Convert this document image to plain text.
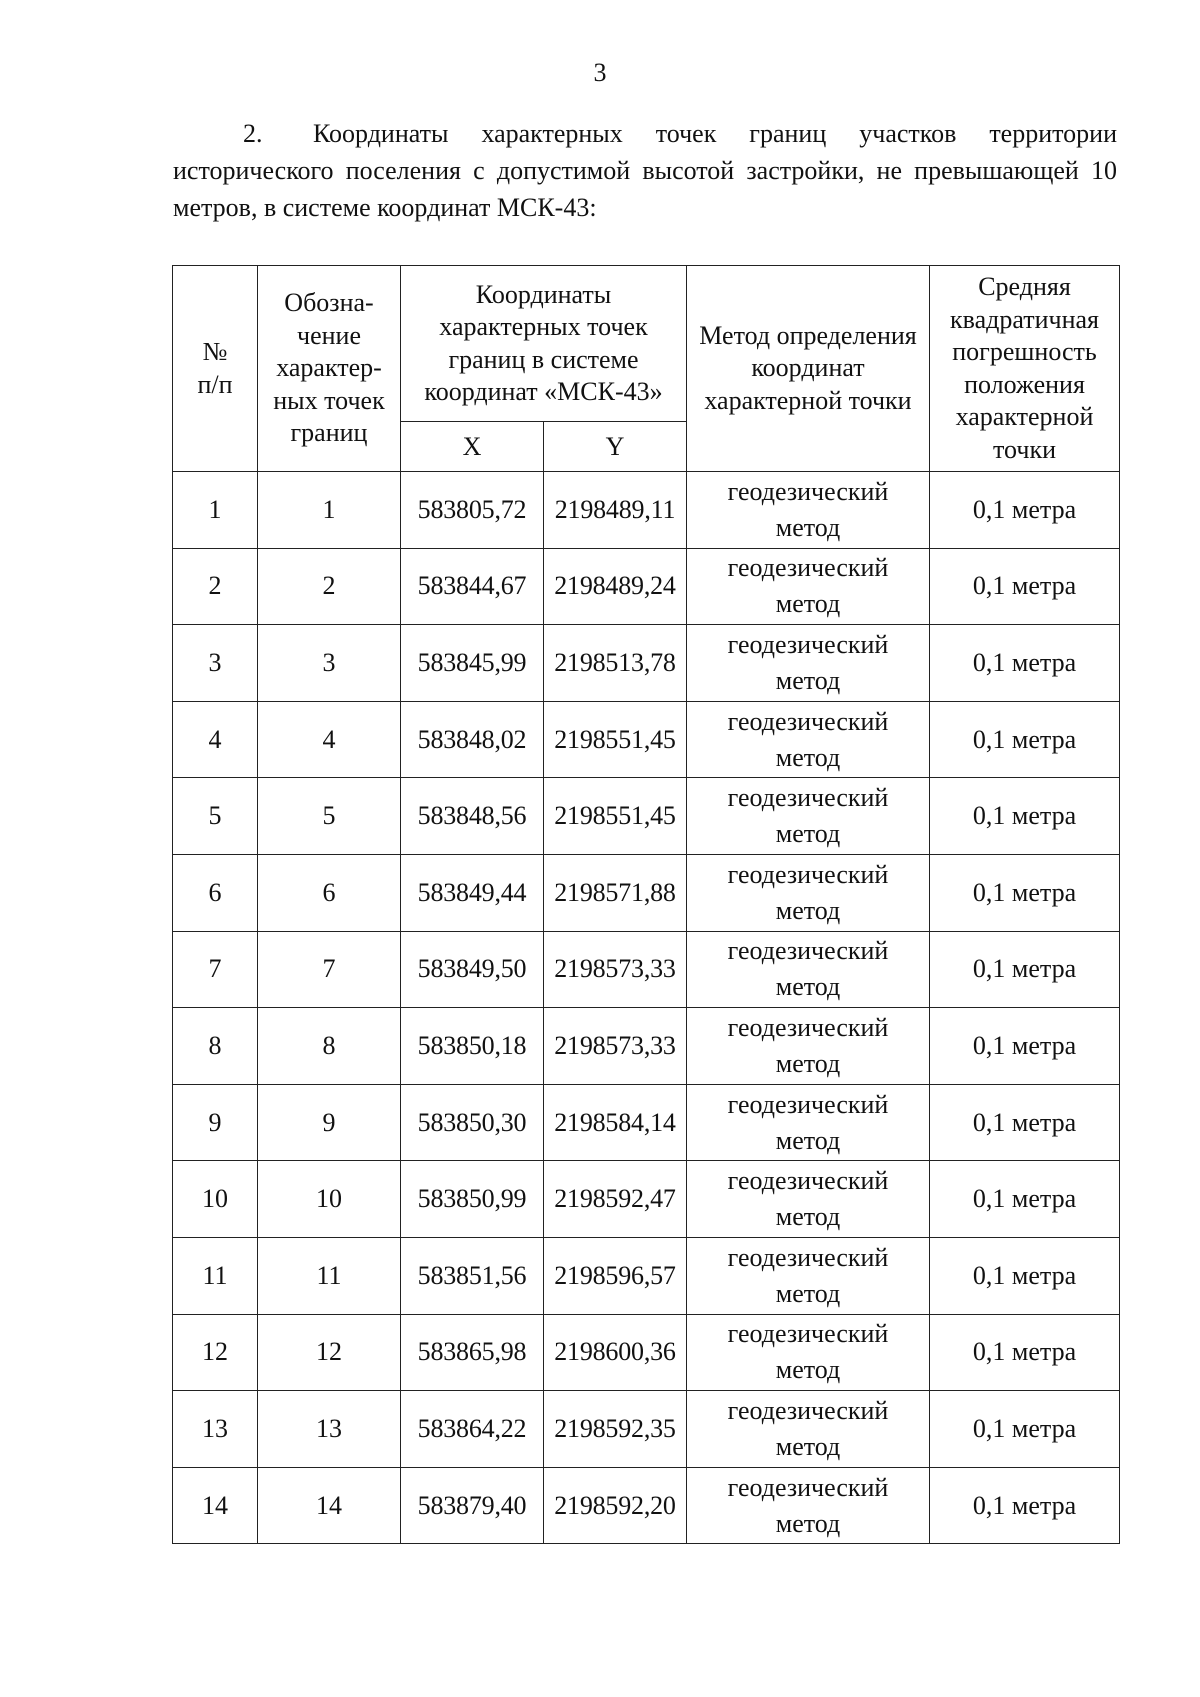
3

2. Координаты характерных точек границ участков территории исторического поселения с допустимой высотой застройки, не превышающей 10 метров, в системе координат МСК-43:

№ п/п	Обозна-чение характер-ных точек границ	Координаты характерных точек границ в системе координат «МСК-43»		Метод определения координат характерной точки	Средняя квадратичная погрешность положения характерной точки

		X	Y		
1	1	583805,72	2198489,11	геодезический метод	0,1 метра
2	2	583844,67	2198489,24	геодезический метод	0,1 метра
3	3	583845,99	2198513,78	геодезический метод	0,1 метра
4	4	583848,02	2198551,45	геодезический метод	0,1 метра
5	5	583848,56	2198551,45	геодезический метод	0,1 метра
6	6	583849,44	2198571,88	геодезический метод	0,1 метра
7	7	583849,50	2198573,33	геодезический метод	0,1 метра
8	8	583850,18	2198573,33	геодезический метод	0,1 метра
9	9	583850,30	2198584,14	геодезический метод	0,1 метра
10	10	583850,99	2198592,47	геодезический метод	0,1 метра
11	11	583851,56	2198596,57	геодезический метод	0,1 метра
12	12	583865,98	2198600,36	геодезический метод	0,1 метра
13	13	583864,22	2198592,35	геодезический метод	0,1 метра
14	14	583879,40	2198592,20	геодезический метод	0,1 метра
